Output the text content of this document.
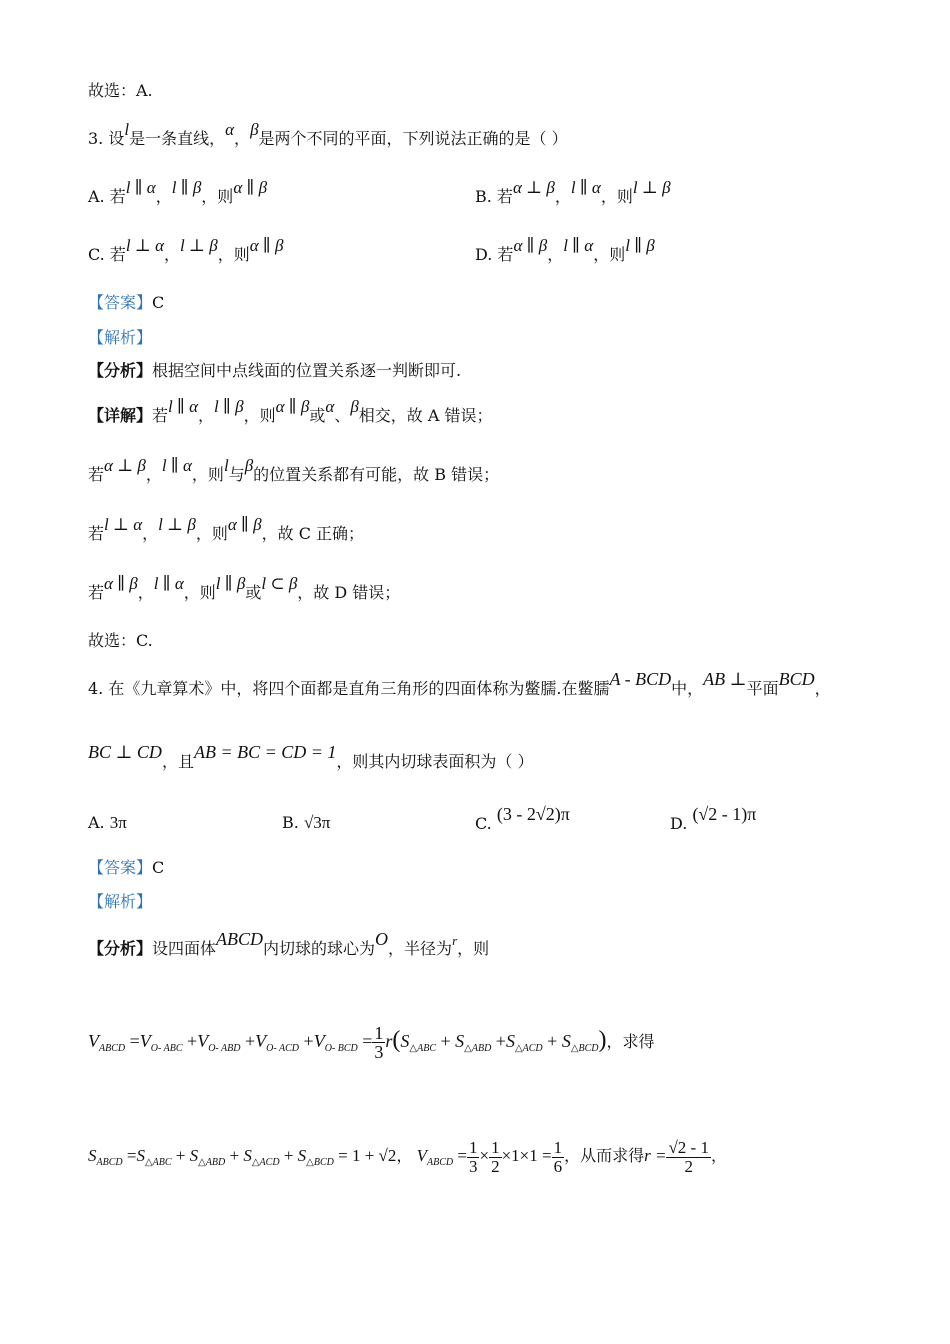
故选：A.
3. 设l是一条直线，α，β是两个不同的平面，下列说法正确的是（ ）
A. 若l ∥ α，l ∥ β，则α ∥ β	B. 若α ⊥ β，l ∥ α，则l ⊥ β
C. 若l ⊥ α，l ⊥ β，则α ∥ β	D. 若α ∥ β，l ∥ α，则l ∥ β
【答案】C
【解析】
【分析】根据空间中点线面的位置关系逐一判断即可.
【详解】若l ∥ α，l ∥ β，则α ∥ β或α、β相交，故 A 错误；
若α ⊥ β，l ∥ α，则l与β的位置关系都有可能，故 B 错误；
若l ⊥ α，l ⊥ β，则α ∥ β，故 C 正确；
若α ∥ β，l ∥ α，则l ∥ β或l ⊂ β，故 D 错误；
故选：C.
4. 在《九章算术》中，将四个面都是直角三角形的四面体称为鳖臑.在鳖臑A - BCD中，AB ⊥平面BCD，
BC ⊥ CD，且AB = BC = CD = 1，则其内切球表面积为（ ）
A. 3π	B. √3π	C. (3 - 2√2)π	D. (√2 - 1)π
【答案】C
【解析】
【分析】设四面体ABCD内切球的球心为O，半径为$^r$，则
$V_{ABCD} =V_{O- ABC} +V_{O- ABD} +V_{O- ACD} +V_{O- BCD} = \frac{1}{3} r(S_{\triangle ABC} + S_{\triangle ABD} +S_{\triangle ACD} + S_{\triangle BCD})$，求得
$S_{ABCD} =S_{\triangle ABC} + S_{\triangle ABD} + S_{\triangle ACD} + S_{\triangle BCD} = 1 + √2$， $V_{ABCD} = \frac{1}{3} \times \frac{1}{2} \times 1\times 1 = \frac{1}{6}$ ，从而求得$r = \frac{√2 - 1}{2}$ ，
